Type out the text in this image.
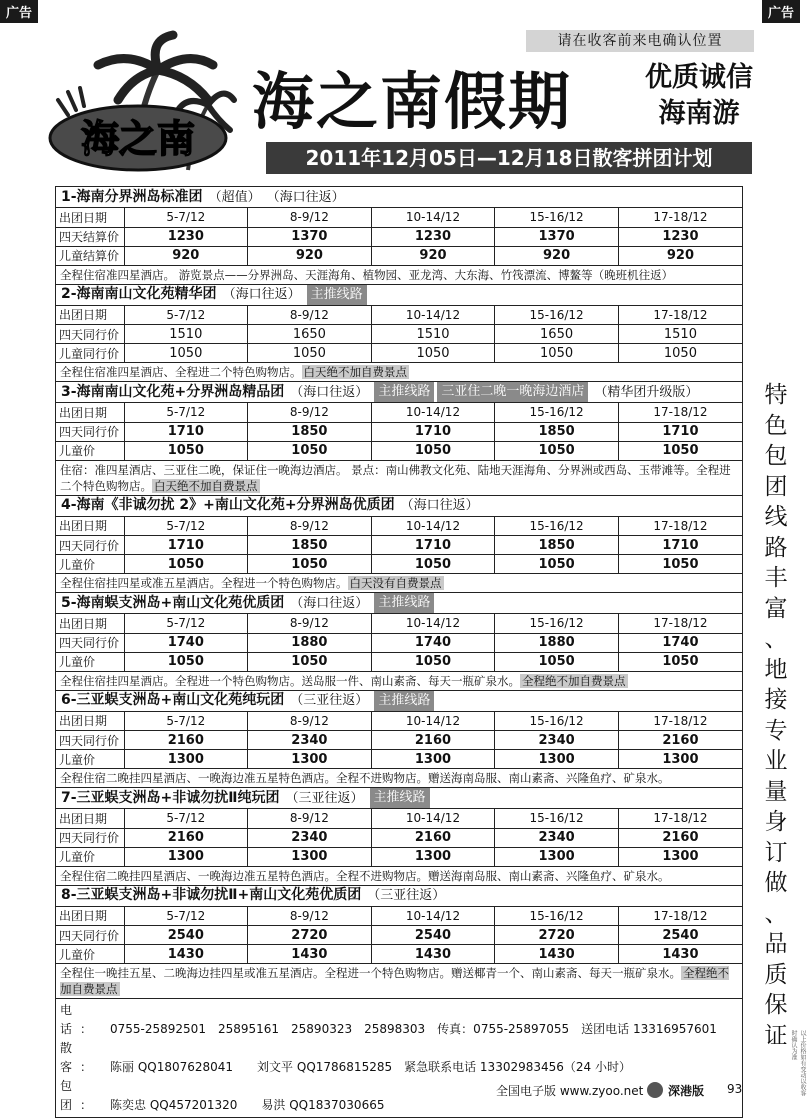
广告	广告
海之南
请在收客前来电确认位置
海之南假期	优质诚信
海南游
2011年12月05日—12月18日散客拼团计划
特
色
包
团
线
路
丰
富
、
地
接
专
业
量
身
订
做
、
品
质
保
证	以上价格如有变动以收客时确认为准
1-海南分界洲岛标准团 （超值） （海口往返）
出团日期	5-7/12	8-9/12	10-14/12	15-16/12	17-18/12
四天结算价	1230	1370	1230	1370	1230
儿童结算价	920	920	920	920	920
全程住宿准四星酒店。 游览景点——分界洲岛、天涯海角、植物园、亚龙湾、大东海、竹筏漂流、博鳌等（晚班机往返）
2-海南南山文化苑精华团 （海口往返） 主推线路
出团日期	5-7/12	8-9/12	10-14/12	15-16/12	17-18/12
四天同行价	1510	1650	1510	1650	1510
儿童同行价	1050	1050	1050	1050	1050
全程住宿准四星酒店、全程进二个特色购物店。 白天绝不加自费景点
3-海南南山文化苑+分界洲岛精品团 （海口往返） 主推线路 三亚住二晚一晚海边酒店 （精华团升级版）
出团日期	5-7/12	8-9/12	10-14/12	15-16/12	17-18/12
四天同行价	1710	1850	1710	1850	1710
儿童价	1050	1050	1050	1050	1050
住宿：准四星酒店、三亚住二晚，保证住一晚海边酒店。 景点：南山佛教文化苑、陆地天涯海角、分界洲或西岛、玉带滩等。全程进二个特色购物店。 白天绝不加自费景点
4-海南《非诚勿扰 2》+南山文化苑+分界洲岛优质团 （海口往返）
出团日期	5-7/12	8-9/12	10-14/12	15-16/12	17-18/12
四天同行价	1710	1850	1710	1850	1710
儿童价	1050	1050	1050	1050	1050
全程住宿挂四星或准五星酒店。全程进一个特色购物店。 白天没有自费景点
5-海南蜈支洲岛+南山文化苑优质团 （海口往返） 主推线路
出团日期	5-7/12	8-9/12	10-14/12	15-16/12	17-18/12
四天同行价	1740	1880	1740	1880	1740
儿童价	1050	1050	1050	1050	1050
全程住宿挂四星酒店。全程进一个特色购物店。送岛服一件、南山素斋、每天一瓶矿泉水。 全程绝不加自费景点
6-三亚蜈支洲岛+南山文化苑纯玩团 （三亚往返） 主推线路
出团日期	5-7/12	8-9/12	10-14/12	15-16/12	17-18/12
四天同行价	2160	2340	2160	2340	2160
儿童价	1300	1300	1300	1300	1300
全程住宿二晚挂四星酒店、一晚海边准五星特色酒店。全程不进购物店。赠送海南岛服、南山素斋、兴隆鱼疗、矿泉水。
7-三亚蜈支洲岛+非诚勿扰Ⅱ纯玩团 （三亚往返） 主推线路
出团日期	5-7/12	8-9/12	10-14/12	15-16/12	17-18/12
四天同行价	2160	2340	2160	2340	2160
儿童价	1300	1300	1300	1300	1300
全程住宿二晚挂四星酒店、一晚海边准五星特色酒店。全程不进购物店。赠送海南岛服、南山素斋、兴隆鱼疗、矿泉水。
8-三亚蜈支洲岛+非诚勿扰Ⅱ+南山文化苑优质团 （三亚往返）
出团日期	5-7/12	8-9/12	10-14/12	15-16/12	17-18/12
四天同行价	2540	2720	2540	2720	2540
儿童价	1430	1430	1430	1430	1430
全程住一晚挂五星、二晚海边挂四星或准五星酒店。全程进一个特色购物店。赠送椰青一个、南山素斋、每天一瓶矿泉水。 全程绝不加自费景点
电话： 0755-25892501　25895161　25890323　25898303　传真：0755-25897055　送团电话 13316957601
散客： 陈丽 QQ1807628041　　刘文平 QQ1786815285　紧急联系电话 13302983456（24 小时）
包团： 陈奕忠 QQ457201320　　易洪 QQ1837030665
全国电子版 www.zyoo.net 深港版 93
